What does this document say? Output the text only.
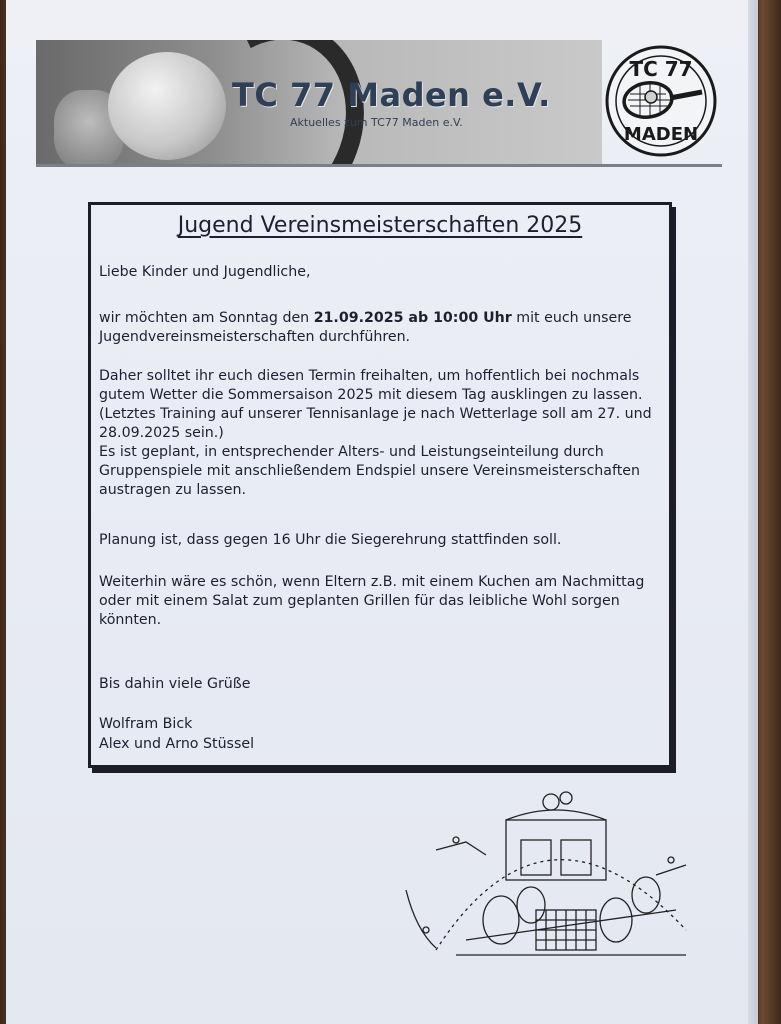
TC 77 Maden e.V.
Aktuelles zum TC77 Maden e.V.
TC 77
MADEN
Jugend Vereinsmeisterschaften 2025

Liebe Kinder und Jugendliche,

wir möchten am Sonntag den 21.09.2025 ab 10:00 Uhr mit euch unsere Jugendvereinsmeisterschaften durchführen.

Daher solltet ihr euch diesen Termin freihalten, um hoffentlich bei nochmals gutem Wetter die Sommersaison 2025 mit diesem Tag ausklingen zu lassen. (Letztes Training auf unserer Tennisanlage je nach Wetterlage soll am 27. und 28.09.2025 sein.)

Es ist geplant, in entsprechender Alters- und Leistungseinteilung durch Gruppenspiele mit anschließendem Endspiel unsere Vereinsmeisterschaften austragen zu lassen.

Planung ist, dass gegen 16 Uhr die Siegerehrung stattfinden soll.

Weiterhin wäre es schön, wenn Eltern z.B. mit einem Kuchen am Nachmittag oder mit einem Salat zum geplanten Grillen für das leibliche Wohl sorgen könnten.

Bis dahin viele Grüße

Wolfram Bick

Alex und Arno Stüssel
